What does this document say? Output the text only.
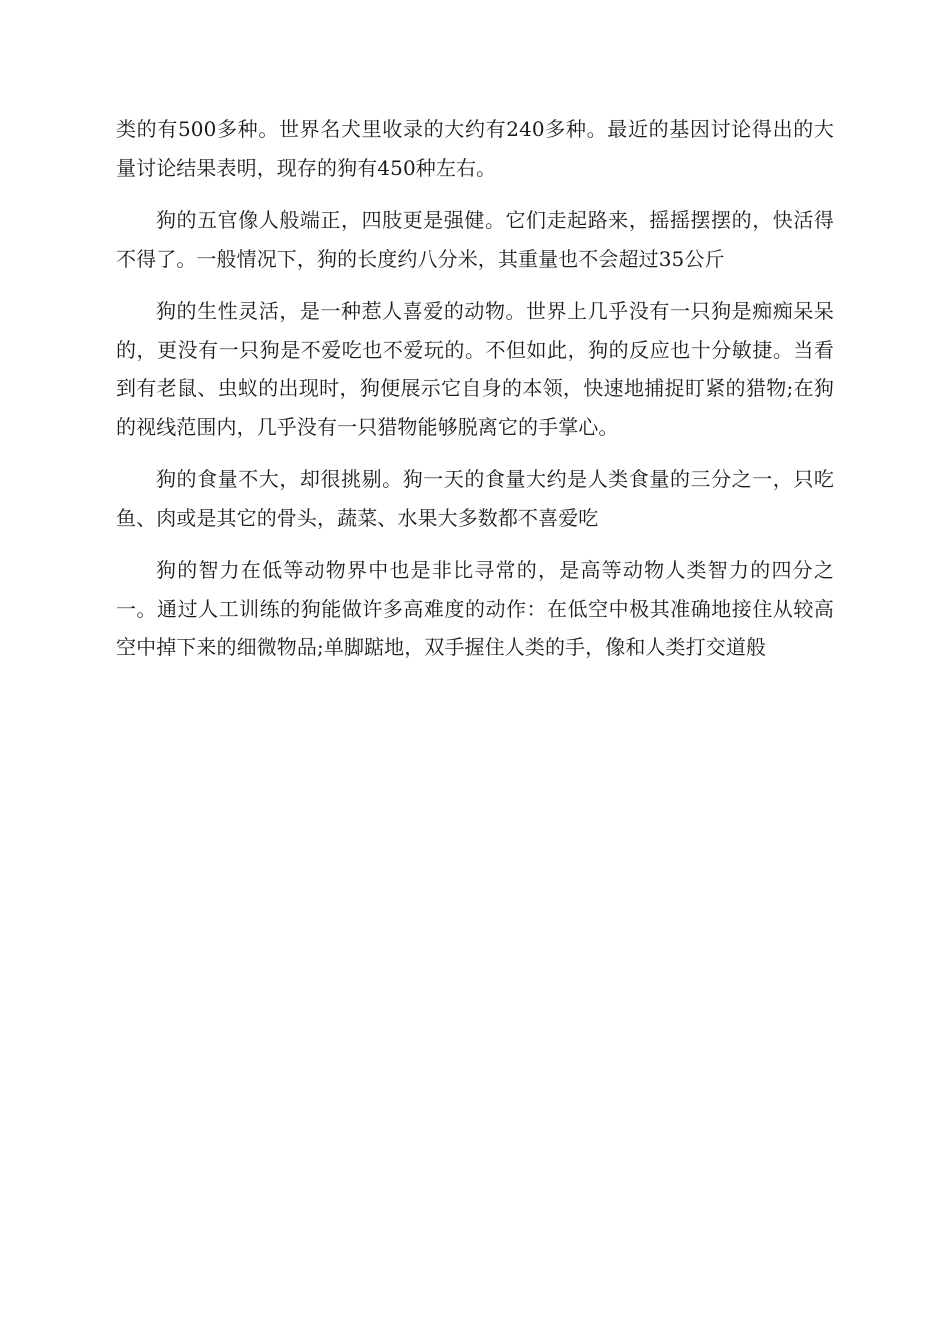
类的有500多种。世界名犬里收录的大约有240多种。最近的基因讨论得出的大量讨论结果表明，现存的狗有450种左右。

狗的五官像人般端正，四肢更是强健。它们走起路来，摇摇摆摆的，快活得不得了。一般情况下，狗的长度约八分米，其重量也不会超过35公斤

狗的生性灵活，是一种惹人喜爱的动物。世界上几乎没有一只狗是痴痴呆呆的，更没有一只狗是不爱吃也不爱玩的。不但如此，狗的反应也十分敏捷。当看到有老鼠、虫蚁的出现时，狗便展示它自身的本领，快速地捕捉盯紧的猎物;在狗的视线范围内，几乎没有一只猎物能够脱离它的手掌心。

狗的食量不大，却很挑剔。狗一天的食量大约是人类食量的三分之一，只吃鱼、肉或是其它的骨头，蔬菜、水果大多数都不喜爱吃

狗的智力在低等动物界中也是非比寻常的，是高等动物人类智力的四分之一。通过人工训练的狗能做许多高难度的动作：在低空中极其准确地接住从较高空中掉下来的细微物品;单脚踮地，双手握住人类的手，像和人类打交道般
